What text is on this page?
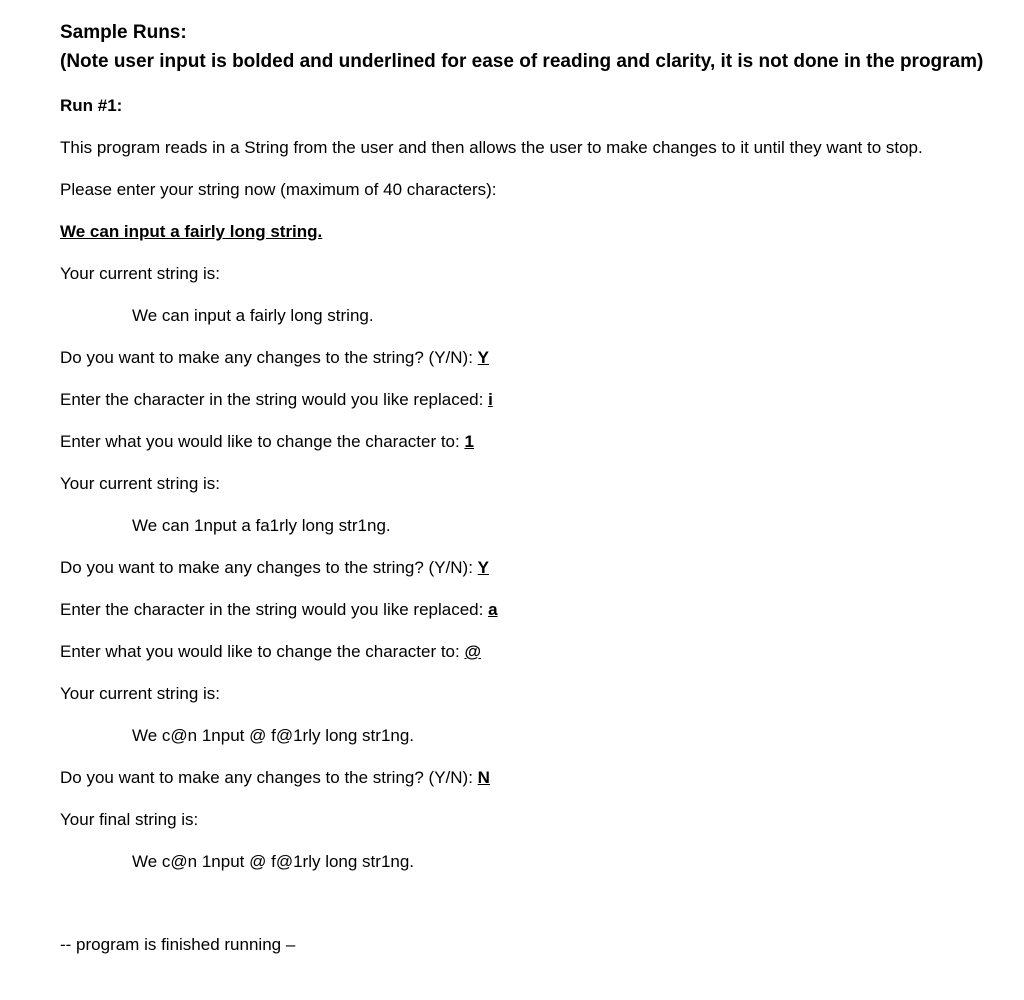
Sample Runs:
(Note user input is bolded and underlined for ease of reading and clarity, it is not done in the program)
Run #1:
This program reads in a String from the user and then allows the user to make changes to it until they want to stop.
Please enter your string now (maximum of 40 characters):
We can input a fairly long string.
Your current string is:
We can input a fairly long string.
Do you want to make any changes to the string? (Y/N): Y
Enter the character in the string would you like replaced: i
Enter what you would like to change the character to: 1
Your current string is:
We can 1nput a fa1rly long str1ng.
Do you want to make any changes to the string? (Y/N): Y
Enter the character in the string would you like replaced: a
Enter what you would like to change the character to: @
Your current string is:
We c@n 1nput @ f@1rly long str1ng.
Do you want to make any changes to the string? (Y/N): N
Your final string is:
We c@n 1nput @ f@1rly long str1ng.
-- program is finished running –
